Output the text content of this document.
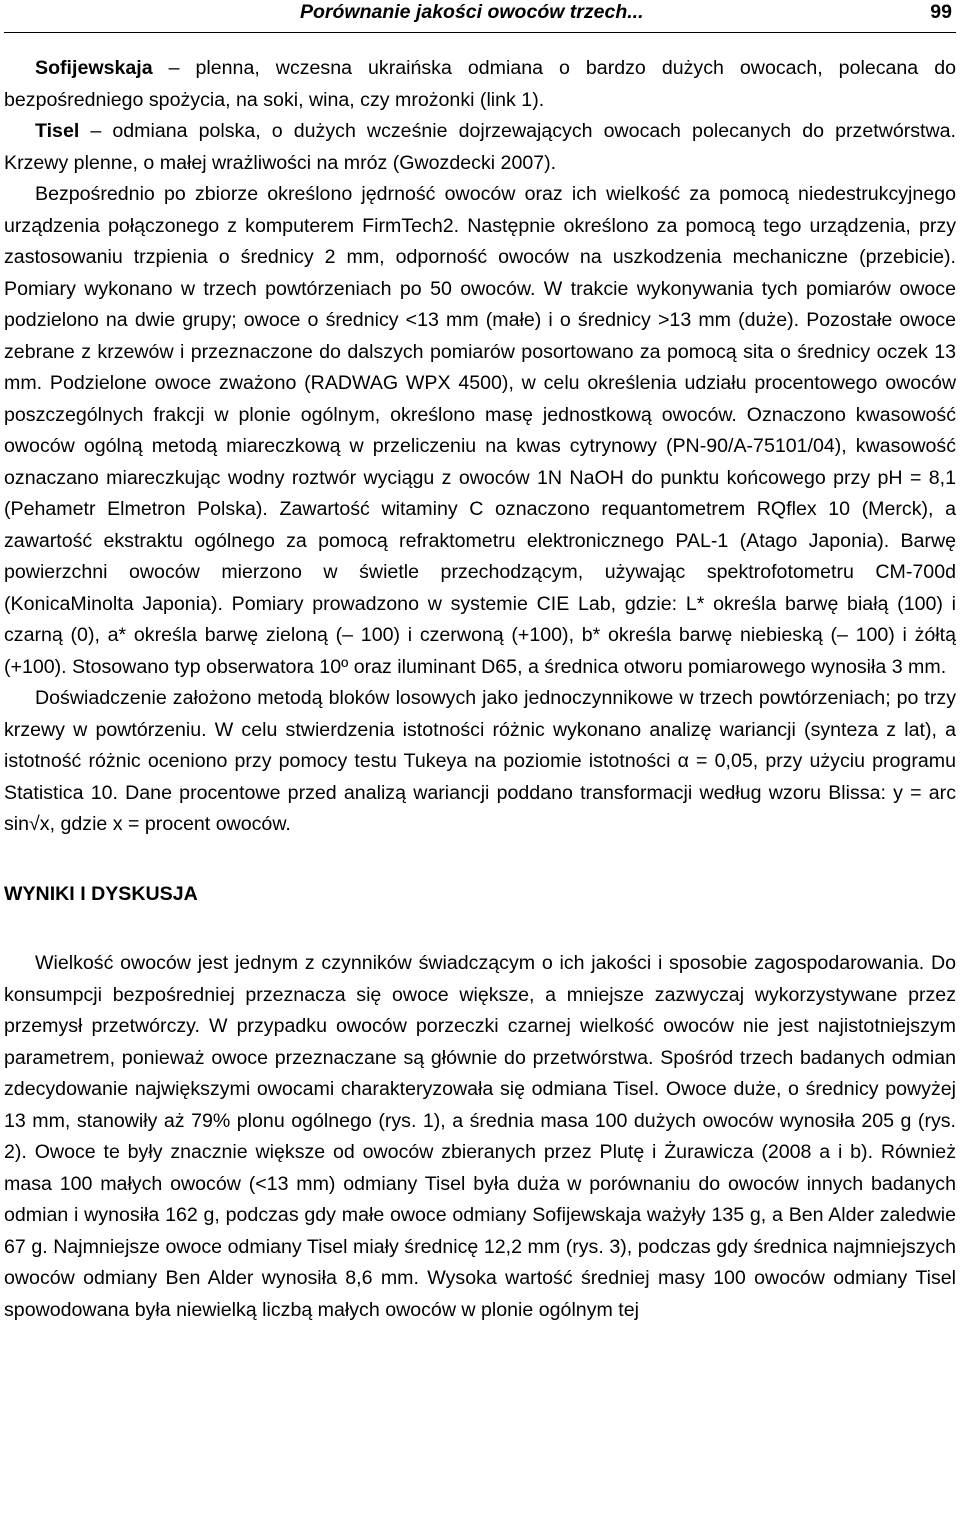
Porównanie jakości owoców trzech...	99

Sofijewskaja – plenna, wczesna ukraińska odmiana o bardzo dużych owocach, polecana do bezpośredniego spożycia, na soki, wina, czy mrożonki (link 1).

Tisel – odmiana polska, o dużych wcześnie dojrzewających owocach polecanych do przetwórstwa. Krzewy plenne, o małej wrażliwości na mróz (Gwozdecki 2007).

Bezpośrednio po zbiorze określono jędrność owoców oraz ich wielkość za pomocą niedestrukcyjnego urządzenia połączonego z komputerem FirmTech2. Następnie określono za pomocą tego urządzenia, przy zastosowaniu trzpienia o średnicy 2 mm, odporność owoców na uszkodzenia mechaniczne (przebicie). Pomiary wykonano w trzech powtórzeniach po 50 owoców. W trakcie wykonywania tych pomiarów owoce podzielono na dwie grupy; owoce o średnicy <13 mm (małe) i o średnicy >13 mm (duże). Pozostałe owoce zebrane z krzewów i przeznaczone do dalszych pomiarów posortowano za pomocą sita o średnicy oczek 13 mm. Podzielone owoce zważono (RADWAG WPX 4500), w celu określenia udziału procentowego owoców poszczególnych frakcji w plonie ogólnym, określono masę jednostkową owoców. Oznaczono kwasowość owoców ogólną metodą miareczkową w przeliczeniu na kwas cytrynowy (PN-90/A-75101/04), kwasowość oznaczano miareczkując wodny roztwór wyciągu z owoców 1N NaOH do punktu końcowego przy pH = 8,1 (Pehametr Elmetron Polska). Zawartość witaminy C oznaczono requantometrem RQflex 10 (Merck), a zawartość ekstraktu ogólnego za pomocą refraktometru elektronicznego PAL-1 (Atago Japonia). Barwę powierzchni owoców mierzono w świetle przechodzącym, używając spektrofotometru CM-700d (KonicaMinolta Japonia). Pomiary prowadzono w systemie CIE Lab, gdzie: L* określa barwę białą (100) i czarną (0), a* określa barwę zieloną (– 100) i czerwoną (+100), b* określa barwę niebieską (– 100) i żółtą (+100). Stosowano typ obserwatora 10º oraz iluminant D65, a średnica otworu pomiarowego wynosiła 3 mm.

Doświadczenie założono metodą bloków losowych jako jednoczynnikowe w trzech powtórzeniach; po trzy krzewy w powtórzeniu. W celu stwierdzenia istotności różnic wykonano analizę wariancji (synteza z lat), a istotność różnic oceniono przy pomocy testu Tukeya na poziomie istotności α = 0,05, przy użyciu programu Statistica 10. Dane procentowe przed analizą wariancji poddano transformacji według wzoru Blissa: y = arc sin√x, gdzie x = procent owoców.

WYNIKI I DYSKUSJA

Wielkość owoców jest jednym z czynników świadczącym o ich jakości i sposobie zagospodarowania. Do konsumpcji bezpośredniej przeznacza się owoce większe, a mniejsze zazwyczaj wykorzystywane przez przemysł przetwórczy. W przypadku owoców porzeczki czarnej wielkość owoców nie jest najistotniejszym parametrem, ponieważ owoce przeznaczane są głównie do przetwórstwa. Spośród trzech badanych odmian zdecydowanie największymi owocami charakteryzowała się odmiana Tisel. Owoce duże, o średnicy powyżej 13 mm, stanowiły aż 79% plonu ogólnego (rys. 1), a średnia masa 100 dużych owoców wynosiła 205 g (rys. 2). Owoce te były znacznie większe od owoców zbieranych przez Plutę i Żurawicza (2008 a i b). Również masa 100 małych owoców (<13 mm) odmiany Tisel była duża w porównaniu do owoców innych badanych odmian i wynosiła 162 g, podczas gdy małe owoce odmiany Sofijewskaja ważyły 135 g, a Ben Alder zaledwie 67 g. Najmniejsze owoce odmiany Tisel miały średnicę 12,2 mm (rys. 3), podczas gdy średnica najmniejszych owoców odmiany Ben Alder wynosiła 8,6 mm. Wysoka wartość średniej masy 100 owoców odmiany Tisel spowodowana była niewielką liczbą małych owoców w plonie ogólnym tej
